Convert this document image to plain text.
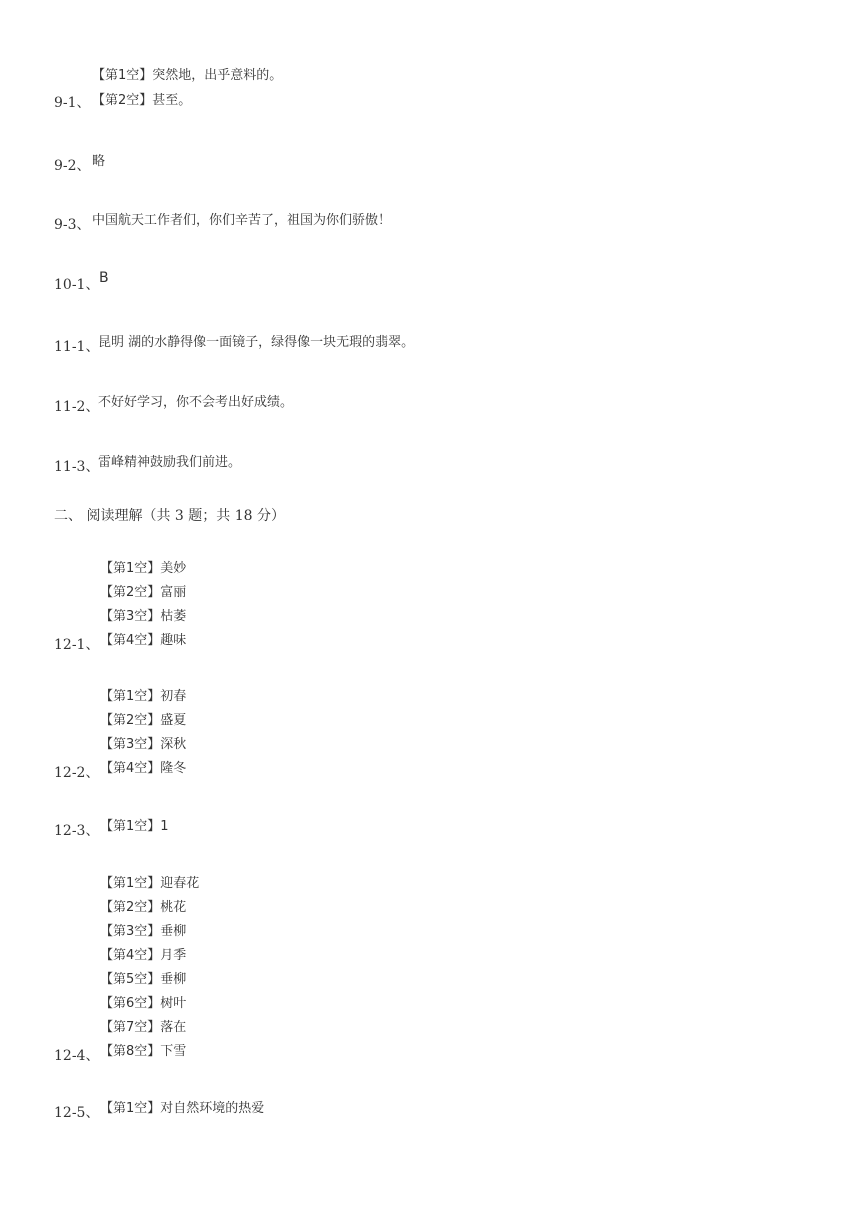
【第1空】突然地，出乎意料的。
9-1、 【第2空】甚至。
9-2、 略
9-3、 中国航天工作者们，你们辛苦了，祖国为你们骄傲！
10-1、 B
11-1、
昆明 湖的水静得像一面镜子，绿得像一块无瑕的翡翠。
11-2、
不好好学习，你不会考出好成绩。
11-3、
雷峰精神鼓励我们前进。
二、 阅读理解（共 3 题；共 18 分）
【第1空】美妙
【第2空】富丽
【第3空】枯萎
12-1、 【第4空】趣味
【第1空】初春
【第2空】盛夏
【第3空】深秋
12-2、 【第4空】隆冬
12-3、 【第1空】1
【第1空】迎春花
【第2空】桃花
【第3空】垂柳
【第4空】月季
【第5空】垂柳
【第6空】树叶
【第7空】落在
12-4、 【第8空】下雪
12-5、 【第1空】对自然环境的热爱
